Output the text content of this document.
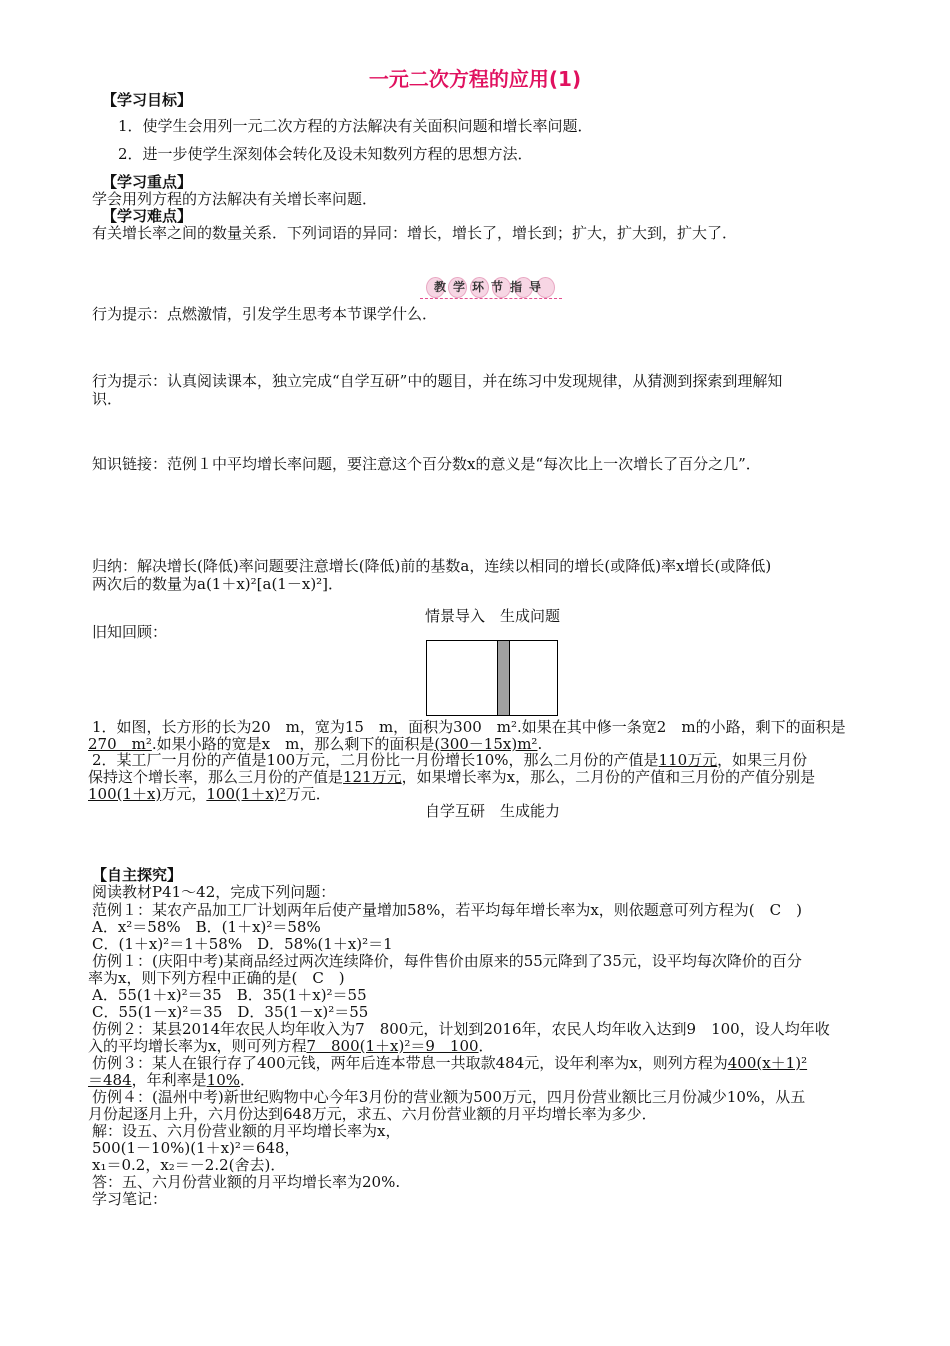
一元二次方程的应用(1)
【学习目标】
1．使学生会用列一元二次方程的方法解决有关面积问题和增长率问题．
2．进一步使学生深刻体会转化及设未知数列方程的思想方法．
【学习重点】
学会用列方程的方法解决有关增长率问题．
【学习难点】
有关增长率之间的数量关系．下列词语的异同：增长，增长了，增长到；扩大，扩大到，扩大了．
教学环节指导
行为提示：点燃激情，引发学生思考本节课学什么．
行为提示：认真阅读课本，独立完成“自学互研”中的题目，并在练习中发现规律，从猜测到探索到理解知
识．
知识链接：范例１中平均增长率问题，要注意这个百分数x的意义是“每次比上一次增长了百分之几”．
归纳：解决增长(降低)率问题要注意增长(降低)前的基数a，连续以相同的增长(或降低)率x增长(或降低)
两次后的数量为a(1＋x)²[a(1－x)²]．
情景导入　生成问题
旧知回顾：
1．如图，长方形的长为20　m，宽为15　m，面积为300　m².如果在其中修一条宽2　m的小路，剩下的面积是
270　m².如果小路的宽是x　m，那么剩下的面积是(300－15x)m².
2．某工厂一月份的产值是100万元，二月份比一月份增长10%，那么二月份的产值是110万元，如果三月份
保持这个增长率，那么三月份的产值是121万元，如果增长率为x，那么，二月份的产值和三月份的产值分别是
100(1＋x)万元，100(1＋x)²万元．
自学互研　生成能力
【自主探究】
阅读教材P41～42，完成下列问题：
范例１：某农产品加工厂计划两年后使产量增加58%，若平均每年增长率为x，则依题意可列方程为(　C　)
A．x²＝58%　B．(1＋x)²＝58%
C．(1＋x)²＝1＋58%　D．58%(1＋x)²＝1
仿例１：(庆阳中考)某商品经过两次连续降价，每件售价由原来的55元降到了35元，设平均每次降价的百分
率为x，则下列方程中正确的是(　C　)
A．55(1＋x)²＝35　B．35(1＋x)²＝55
C．55(1－x)²＝35　D．35(1－x)²＝55
仿例２：某县2014年农民人均年收入为7　800元，计划到2016年，农民人均年收入达到9　100，设人均年收
入的平均增长率为x，则可列方程7　800(1＋x)²＝9　100．
仿例３：某人在银行存了400元钱，两年后连本带息一共取款484元，设年利率为x，则列方程为400(x＋1)²
＝484，年利率是10%．
仿例４：(温州中考)新世纪购物中心今年3月份的营业额为500万元，四月份营业额比三月份减少10%，从五
月份起逐月上升，六月份达到648万元，求五、六月份营业额的月平均增长率为多少．
解：设五、六月份营业额的月平均增长率为x，
500(1－10%)(1＋x)²＝648，
x₁＝0.2，x₂＝－2.2(舍去)．
答：五、六月份营业额的月平均增长率为20%.
学习笔记：
